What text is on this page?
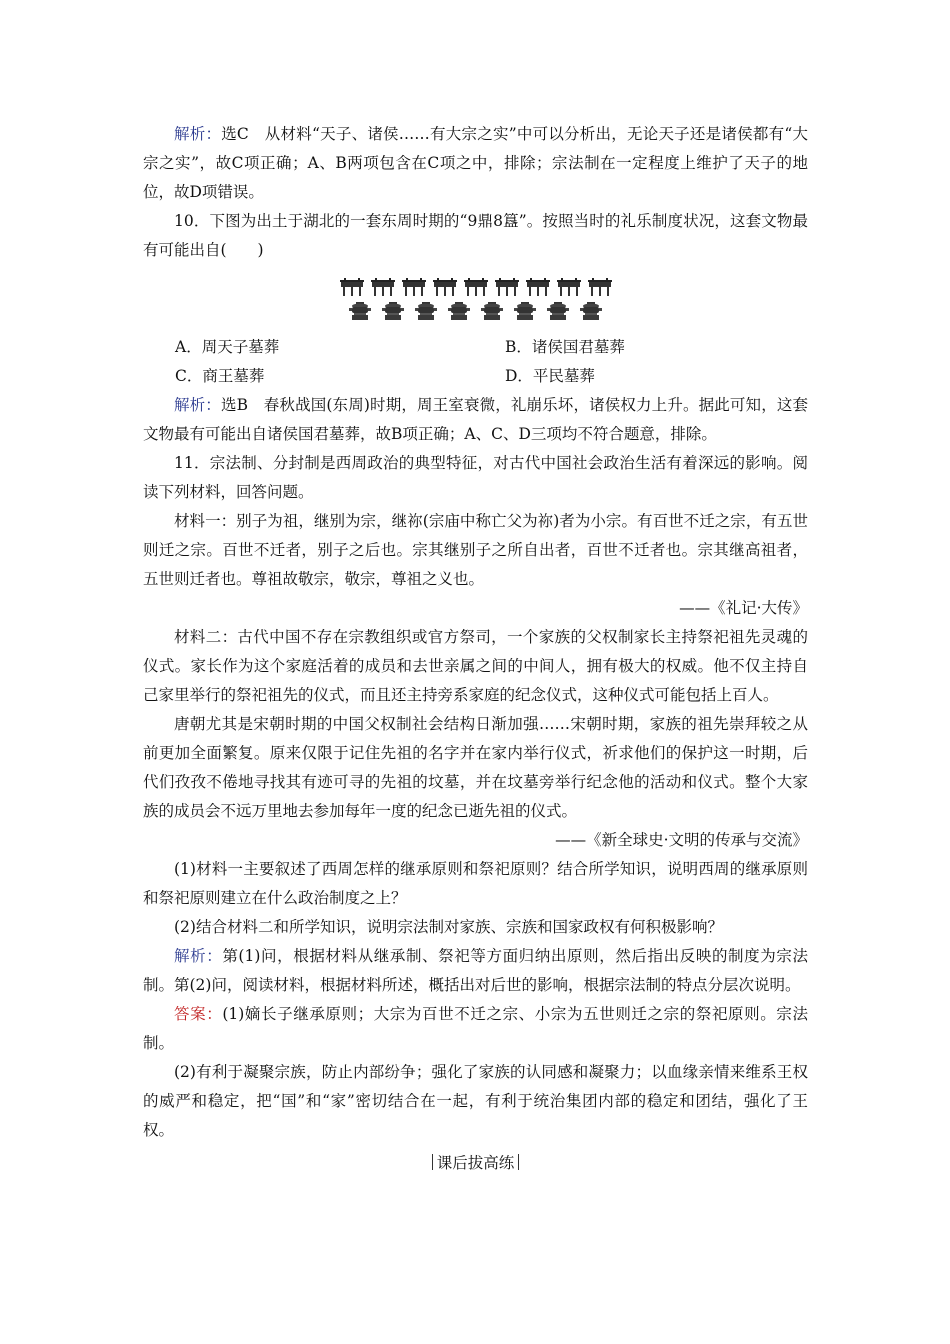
解析：选C　从材料“天子、诸侯……有大宗之实”中可以分析出，无论天子还是诸侯都有“大宗之实”，故C项正确；A、B两项包含在C项之中，排除；宗法制在一定程度上维护了天子的地位，故D项错误。

10．下图为出土于湖北的一套东周时期的“9鼎8簋”。按照当时的礼乐制度状况，这套文物最有可能出自(　　)

A．周天子墓葬	B．诸侯国君墓葬
C．商王墓葬	D．平民墓葬

解析：选B　春秋战国(东周)时期，周王室衰微，礼崩乐坏，诸侯权力上升。据此可知，这套文物最有可能出自诸侯国君墓葬，故B项正确；A、C、D三项均不符合题意，排除。

11．宗法制、分封制是西周政治的典型特征，对古代中国社会政治生活有着深远的影响。阅读下列材料，回答问题。

材料一：别子为祖，继别为宗，继祢(宗庙中称亡父为祢)者为小宗。有百世不迁之宗，有五世则迁之宗。百世不迁者，别子之后也。宗其继别子之所自出者，百世不迁者也。宗其继高祖者，五世则迁者也。尊祖故敬宗，敬宗，尊祖之义也。

——《礼记·大传》

材料二：古代中国不存在宗教组织或官方祭司，一个家族的父权制家长主持祭祀祖先灵魂的仪式。家长作为这个家庭活着的成员和去世亲属之间的中间人，拥有极大的权威。他不仅主持自己家里举行的祭祀祖先的仪式，而且还主持旁系家庭的纪念仪式，这种仪式可能包括上百人。

唐朝尤其是宋朝时期的中国父权制社会结构日渐加强……宋朝时期，家族的祖先崇拜较之从前更加全面繁复。原来仅限于记住先祖的名字并在家内举行仪式，祈求他们的保护这一时期，后代们孜孜不倦地寻找其有迹可寻的先祖的坟墓，并在坟墓旁举行纪念他的活动和仪式。整个大家族的成员会不远万里地去参加每年一度的纪念已逝先祖的仪式。

——《新全球史·文明的传承与交流》

(1)材料一主要叙述了西周怎样的继承原则和祭祀原则？结合所学知识，说明西周的继承原则和祭祀原则建立在什么政治制度之上？

(2)结合材料二和所学知识，说明宗法制对家族、宗族和国家政权有何积极影响？

解析：第(1)问，根据材料从继承制、祭祀等方面归纳出原则，然后指出反映的制度为宗法制。第(2)问，阅读材料，根据材料所述，概括出对后世的影响，根据宗法制的特点分层次说明。

答案：(1)嫡长子继承原则；大宗为百世不迁之宗、小宗为五世则迁之宗的祭祀原则。宗法制。

(2)有利于凝聚宗族，防止内部纷争；强化了家族的认同感和凝聚力；以血缘亲情来维系王权的威严和稳定，把“国”和“家”密切结合在一起，有利于统治集团内部的稳定和团结，强化了王权。

课后拔高练
